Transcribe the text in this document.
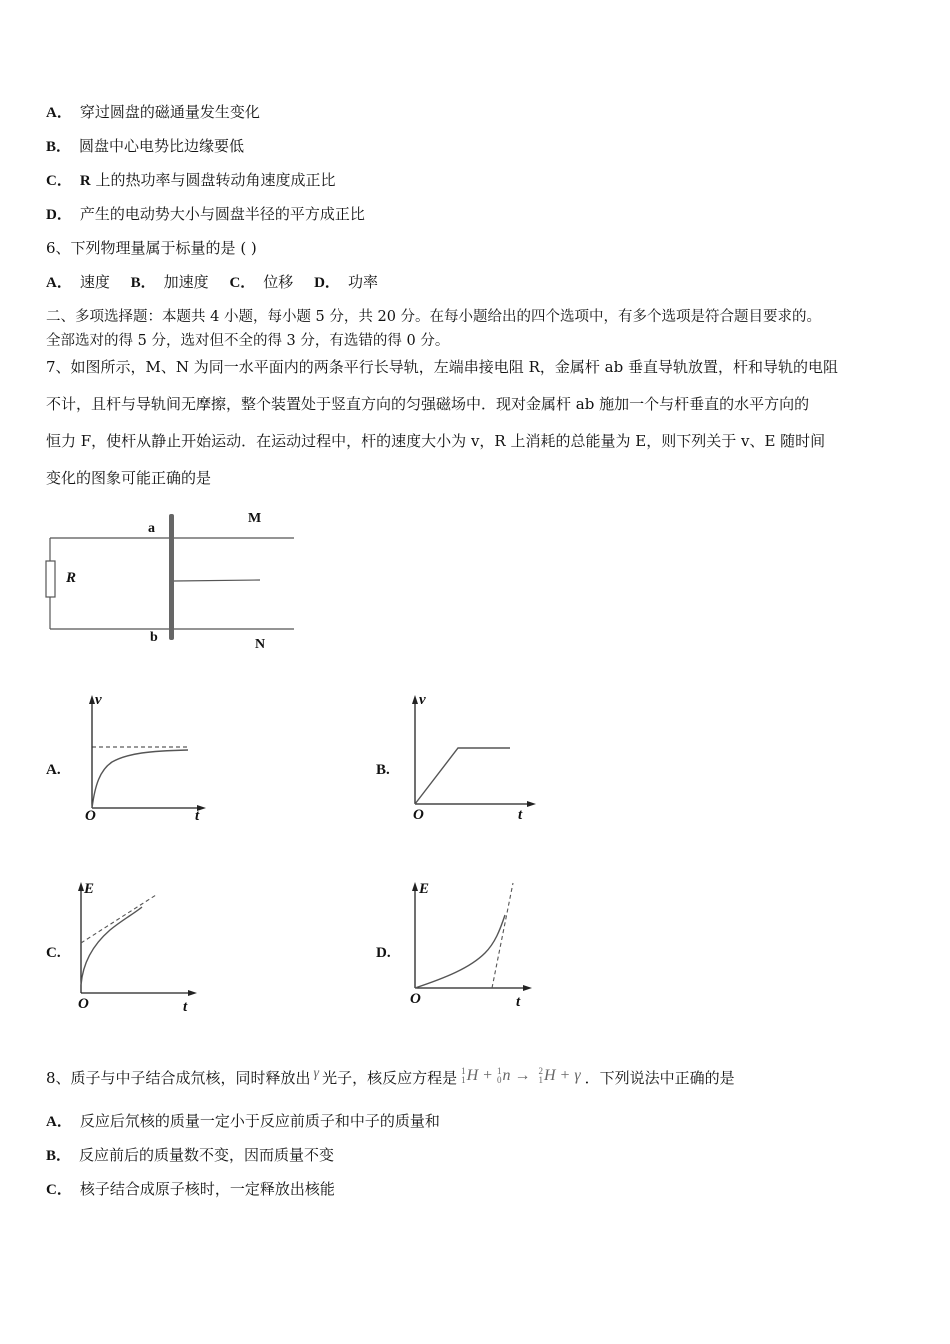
A． 穿过圆盘的磁通量发生变化
B． 圆盘中心电势比边缘要低
C． R 上的热功率与圆盘转动角速度成正比
D． 产生的电动势大小与圆盘半径的平方成正比
6、下列物理量属于标量的是 ( )
A． 速度 B． 加速度 C． 位移 D． 功率
二、多项选择题：本题共 4 小题，每小题 5 分，共 20 分。在每小题给出的四个选项中，有多个选项是符合题目要求的。
全部选对的得 5 分，选对但不全的得 3 分，有选错的得 0 分。
7、如图所示，M、N 为同一水平面内的两条平行长导轨，左端串接电阻 R，金属杆 ab 垂直导轨放置，杆和导轨的电阻
不计，且杆与导轨间无摩擦，整个装置处于竖直方向的匀强磁场中．现对金属杆 ab 施加一个与杆垂直的水平方向的
恒力 F，使杆从静止开始运动．在运动过程中，杆的速度大小为 v，R 上消耗的总能量为 E，则下列关于 v、E 随时间
变化的图象可能正确的是
a
b
M
N
R
A.
v
O	t
B.
v
O	t
C.
E
O	t
D.
E
O	t
8、质子与中子结合成氘核，同时释放出 γ 光子，核反应方程是 1
1 H + 1
0 n → 2
1 H + γ ．下列说法中正确的是
A． 反应后氘核的质量一定小于反应前质子和中子的质量和
B． 反应前后的质量数不变，因而质量不变
C． 核子结合成原子核时，一定释放出核能
